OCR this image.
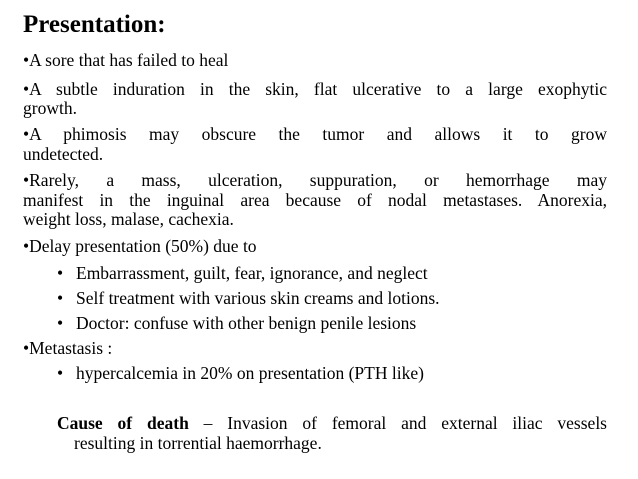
Presentation:
•A sore that has failed to heal
•A subtle induration in the skin, flat ulcerative to a large exophytic
growth.
•A phimosis may obscure the tumor and allows it to grow
undetected.
•Rarely, a mass, ulceration, suppuration, or hemorrhage may
manifest in the inguinal area because of nodal metastases. Anorexia,
weight loss, malase, cachexia.
•Delay presentation (50%) due to
• Embarrassment, guilt, fear, ignorance, and neglect
• Self treatment with various skin creams and lotions.
• Doctor: confuse with other benign penile lesions
•Metastasis :
• hypercalcemia in 20% on presentation (PTH like)
Cause of death – Invasion of femoral and external iliac vessels
resulting in torrential haemorrhage.
